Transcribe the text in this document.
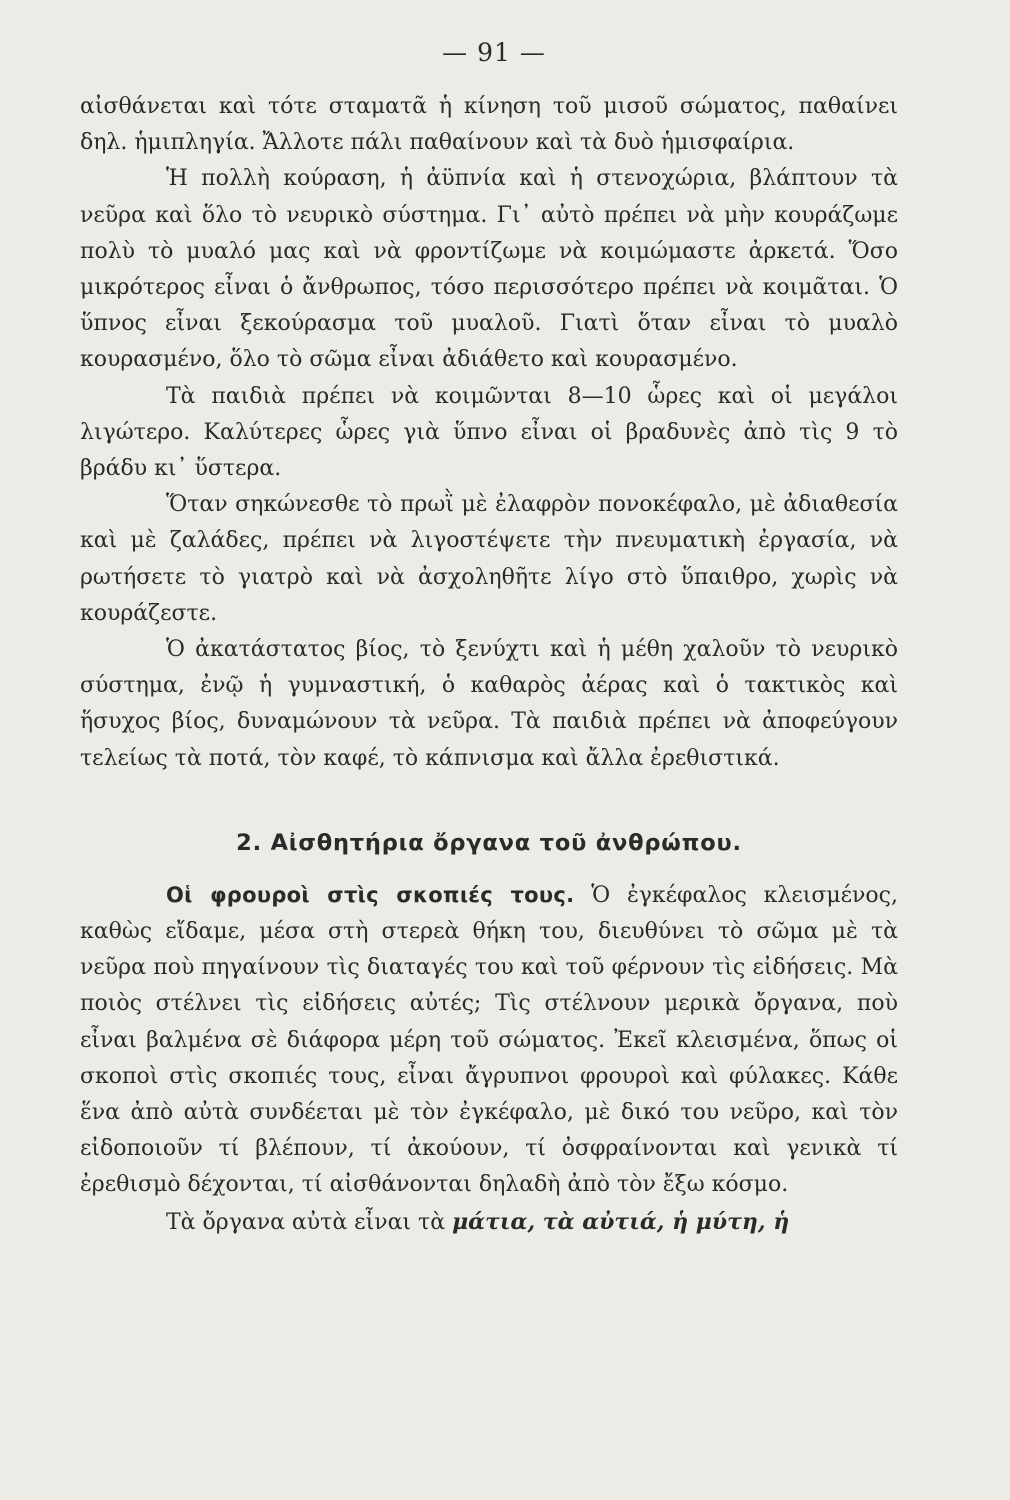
— 91 —

αἰσθάνεται καὶ τότε σταματᾶ ἡ κίνηση τοῦ μισοῦ σώματος, παθαίνει δηλ. ἡμιπληγία. Ἄλλοτε πάλι παθαίνουν καὶ τὰ δυὸ ἡμισφαίρια.

Ἡ πολλὴ κούραση, ἡ ἀϋπνία καὶ ἡ στενοχώρια, βλάπτουν τὰ νεῦρα καὶ ὅλο τὸ νευρικὸ σύστημα. Γι᾽ αὐτὸ πρέπει νὰ μὴν κουράζωμε πολὺ τὸ μυαλό μας καὶ νὰ φροντίζωμε νὰ κοιμώμαστε ἀρκετά. Ὅσο μικρότερος εἶναι ὁ ἄνθρωπος, τόσο περισσότερο πρέπει νὰ κοιμᾶται. Ὁ ὕπνος εἶναι ξεκούρασμα τοῦ μυαλοῦ. Γιατὶ ὅταν εἶναι τὸ μυαλὸ κουρασμένο, ὅλο τὸ σῶμα εἶναι ἀδιάθετο καὶ κουρασμένο.

Τὰ παιδιὰ πρέπει νὰ κοιμῶνται 8—10 ὧρες καὶ οἱ μεγάλοι λιγώτερο. Καλύτερες ὧρες γιὰ ὕπνο εἶναι οἱ βραδυνὲς ἀπὸ τὶς 9 τὸ βράδυ κι᾽ ὕστερα.

Ὅταν σηκώνεσθε τὸ πρωῒ μὲ ἐλαφρὸν πονοκέφαλο, μὲ ἀδιαθεσία καὶ μὲ ζαλάδες, πρέπει νὰ λιγοστέψετε τὴν πνευματικὴ ἐργασία, νὰ ρωτήσετε τὸ γιατρὸ καὶ νὰ ἀσχοληθῆτε λίγο στὸ ὕπαιθρο, χωρὶς νὰ κουράζεστε.

Ὁ ἀκατάστατος βίος, τὸ ξενύχτι καὶ ἡ μέθη χαλοῦν τὸ νευρικὸ σύστημα, ἐνῷ ἡ γυμναστική, ὁ καθαρὸς ἀέρας καὶ ὁ τακτικὸς καὶ ἥσυχος βίος, δυναμώνουν τὰ νεῦρα. Τὰ παιδιὰ πρέπει νὰ ἀποφεύγουν τελείως τὰ ποτά, τὸν καφέ, τὸ κάπνισμα καὶ ἄλλα ἐρεθιστικά.

2. Αἰσθητήρια ὄργανα τοῦ ἀνθρώπου.

Οἱ φρουροὶ στὶς σκοπιές τους. Ὁ ἐγκέφαλος κλεισμένος, καθὼς εἴδαμε, μέσα στὴ στερεὰ θήκη του, διευθύνει τὸ σῶμα μὲ τὰ νεῦρα ποὺ πηγαίνουν τὶς διαταγές του καὶ τοῦ φέρνουν τὶς εἰδήσεις. Μὰ ποιὸς στέλνει τὶς εἰδήσεις αὐτές; Τὶς στέλνουν μερικὰ ὄργανα, ποὺ εἶναι βαλμένα σὲ διάφορα μέρη τοῦ σώματος. Ἐκεῖ κλεισμένα, ὅπως οἱ σκοποὶ στὶς σκοπιές τους, εἶναι ἄγρυπνοι φρουροὶ καὶ φύλακες. Κάθε ἕνα ἀπὸ αὐτὰ συνδέεται μὲ τὸν ἐγκέφαλο, μὲ δικό του νεῦρο, καὶ τὸν εἰδοποιοῦν τί βλέπουν, τί ἀκούουν, τί ὀσφραίνονται καὶ γενικὰ τί ἐρεθισμὸ δέχονται, τί αἰσθάνονται δηλαδὴ ἀπὸ τὸν ἔξω κόσμο.

Τὰ ὄργανα αὐτὰ εἶναι τὰ μάτια, τὰ αὐτιά, ἡ μύτη, ἡ
